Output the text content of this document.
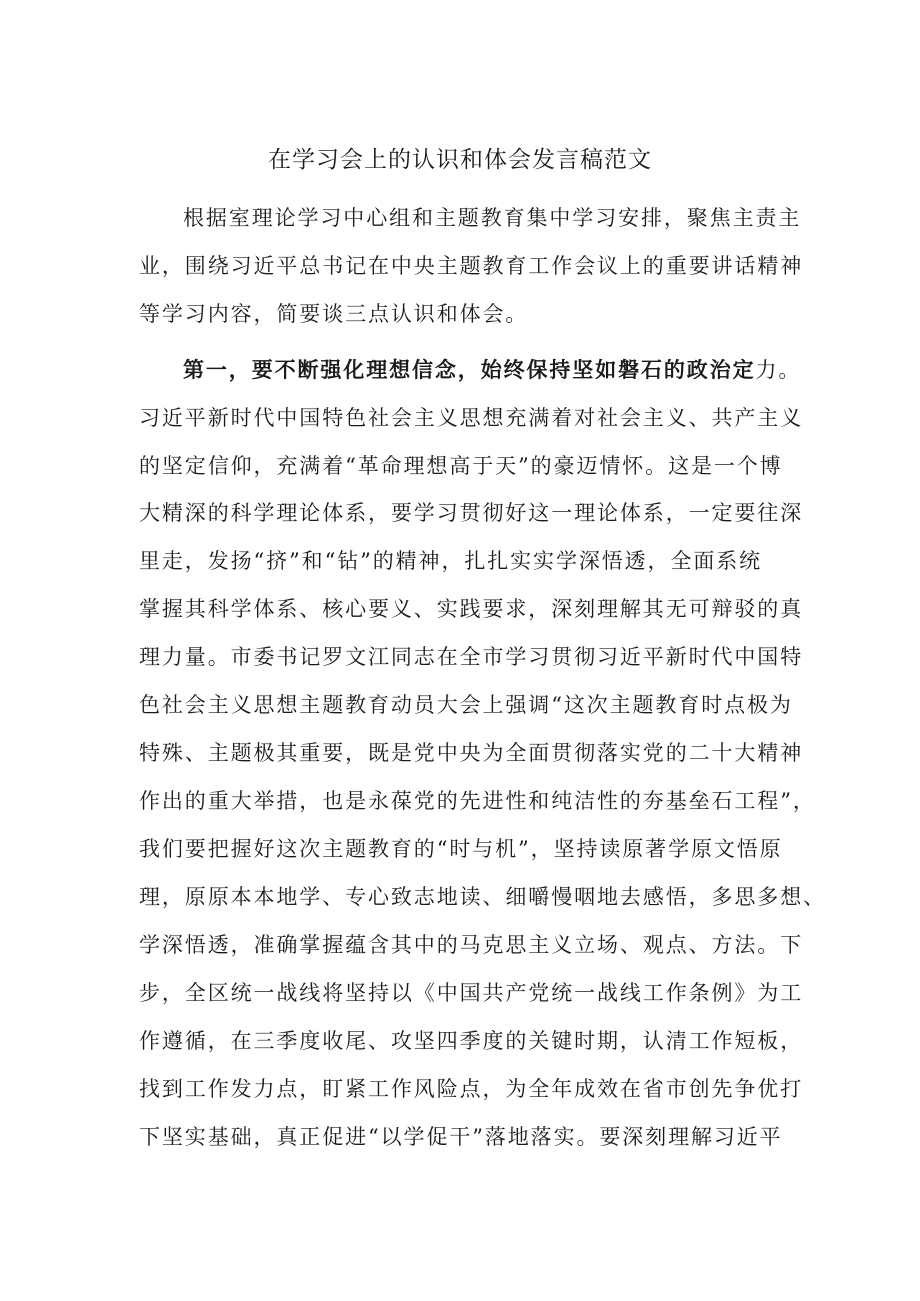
在学习会上的认识和体会发言稿范文
根据室理论学习中心组和主题教育集中学习安排，聚焦主责主
业，围绕习近平总书记在中央主题教育工作会议上的重要讲话精神
等学习内容，简要谈三点认识和体会。
第一，要不断强化理想信念，始终保持坚如磐石的政治定力。
习近平新时代中国特色社会主义思想充满着对社会主义、共产主义
的坚定信仰，充满着“革命理想高于天”的豪迈情怀。这是一个博
大精深的科学理论体系，要学习贯彻好这一理论体系，一定要往深
里走，发扬“挤”和“钻”的精神，扎扎实实学深悟透，全面系统
掌握其科学体系、核心要义、实践要求，深刻理解其无可辩驳的真
理力量。市委书记罗文江同志在全市学习贯彻习近平新时代中国特
色社会主义思想主题教育动员大会上强调“这次主题教育时点极为
特殊、主题极其重要，既是党中央为全面贯彻落实党的二十大精神
作出的重大举措，也是永葆党的先进性和纯洁性的夯基垒石工程”，
我们要把握好这次主题教育的“时与机”，坚持读原著学原文悟原
理，原原本本地学、专心致志地读、细嚼慢咽地去感悟，多思多想、
学深悟透，准确掌握蕴含其中的马克思主义立场、观点、方法。下
步，全区统一战线将坚持以《中国共产党统一战线工作条例》为工
作遵循，在三季度收尾、攻坚四季度的关键时期，认清工作短板，
找到工作发力点，盯紧工作风险点，为全年成效在省市创先争优打
下坚实基础，真正促进“以学促干”落地落实。要深刻理解习近平
